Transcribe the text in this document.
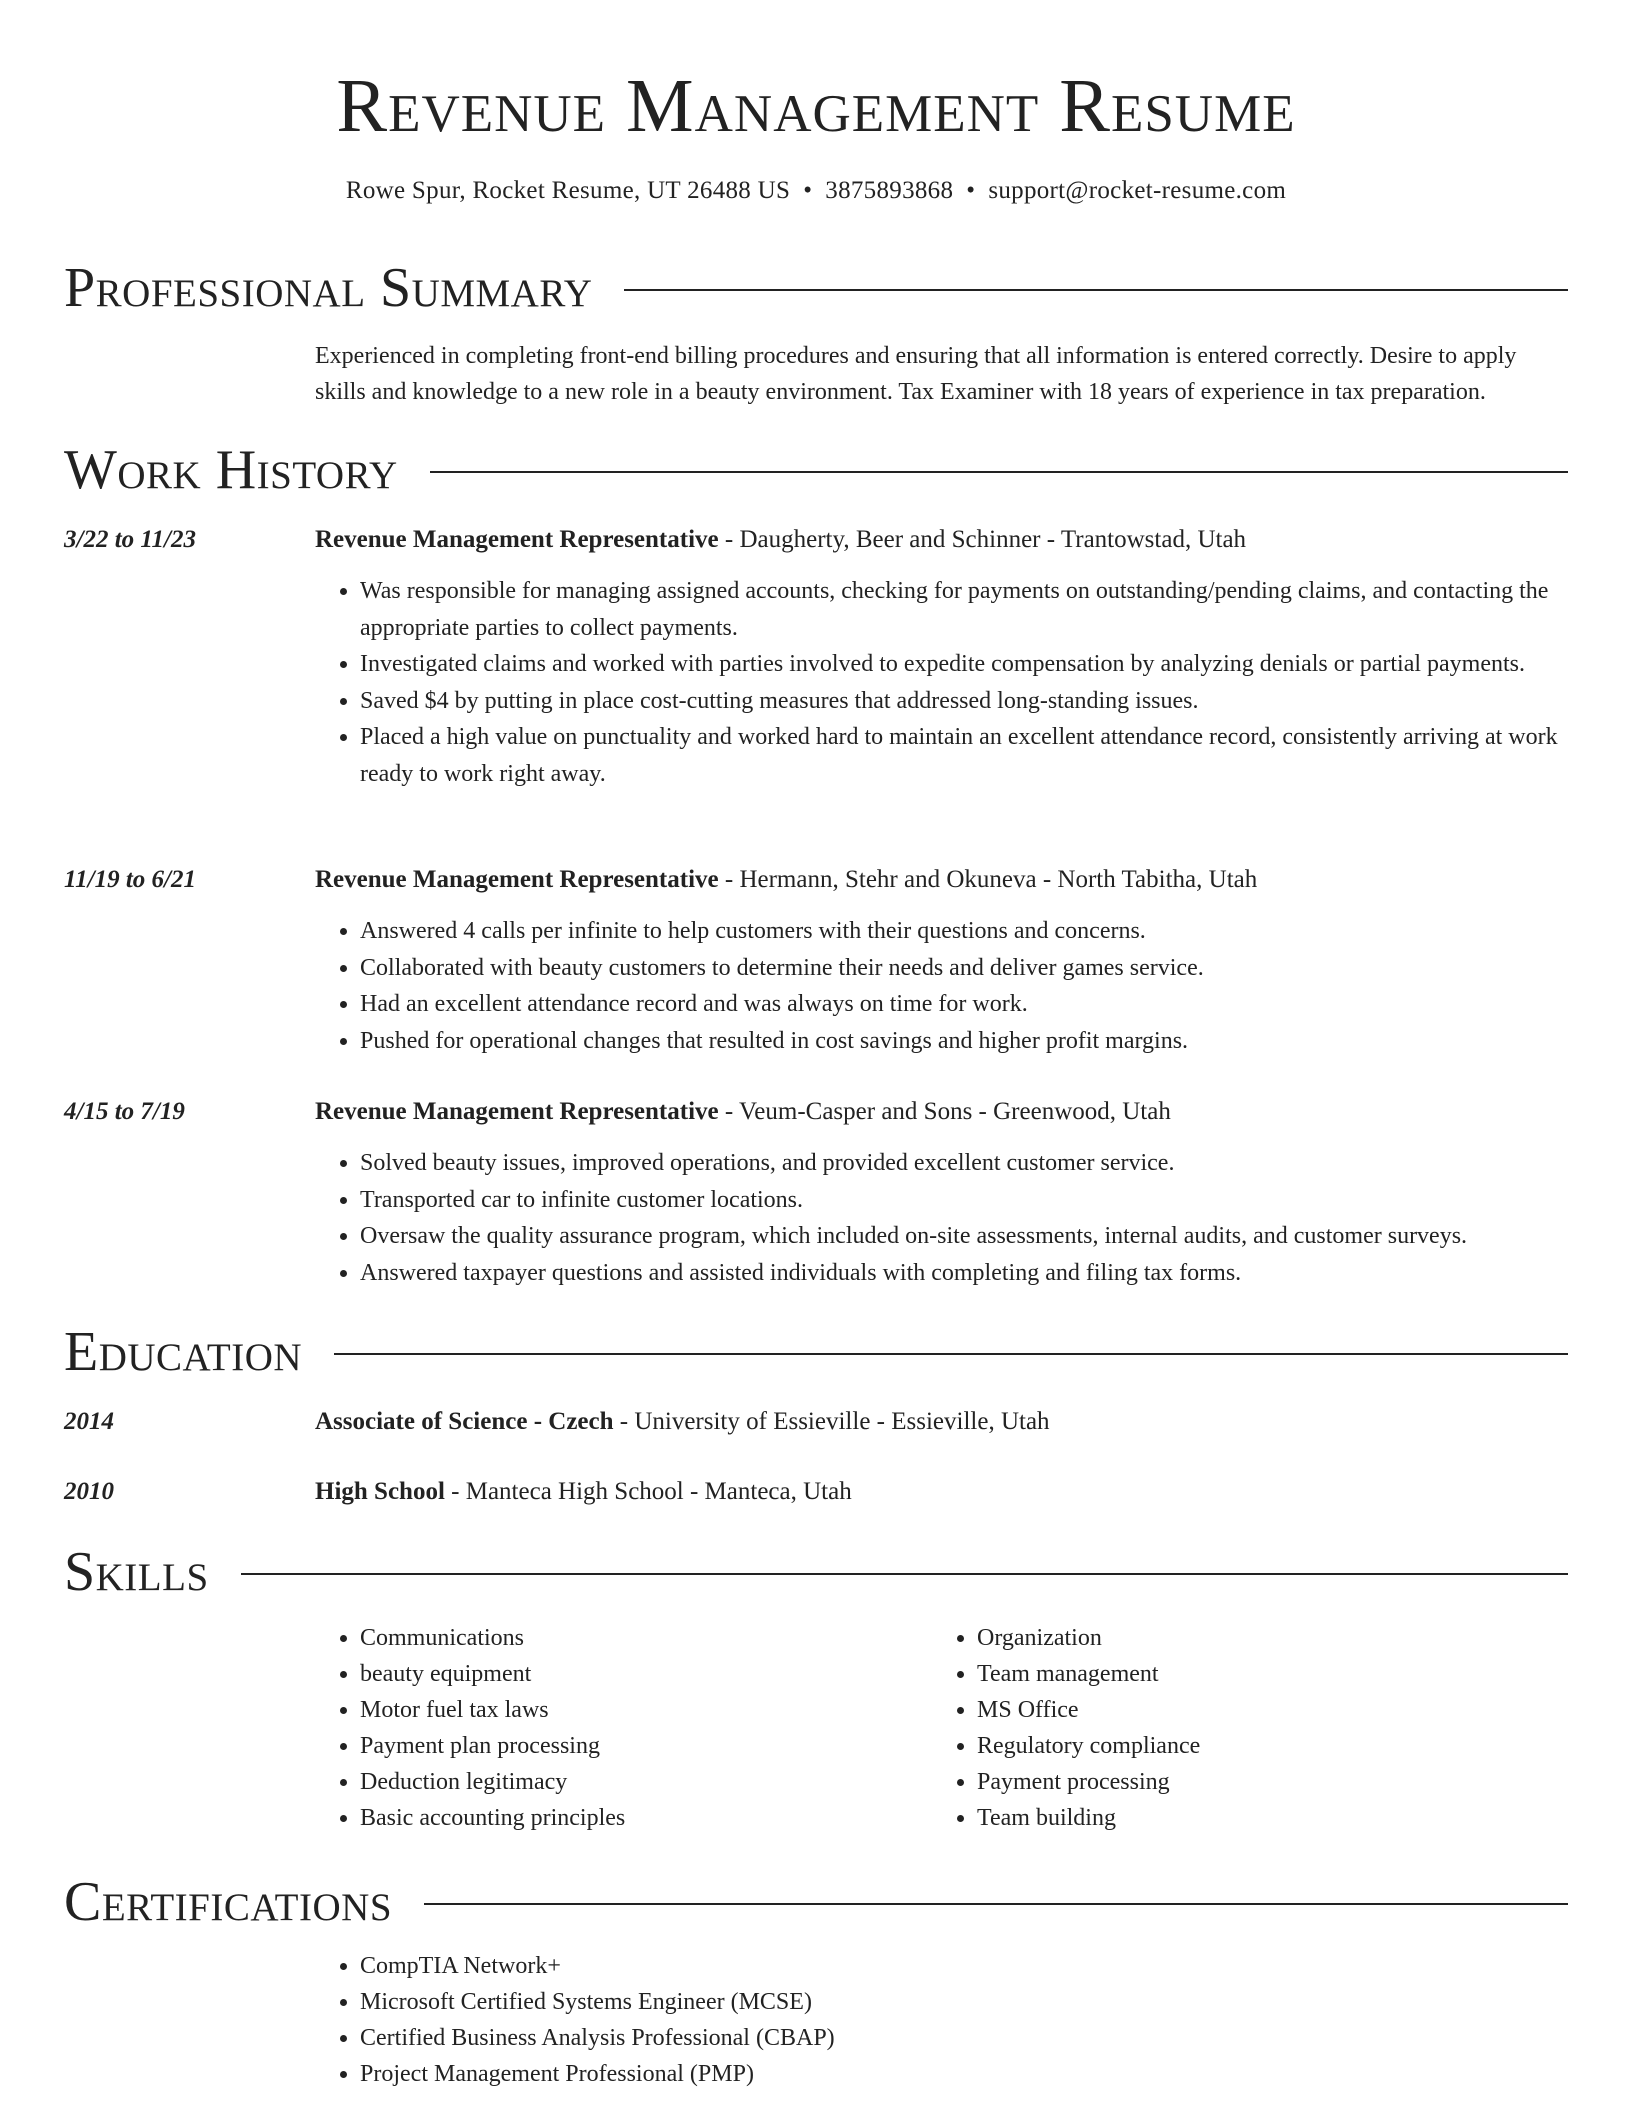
Revenue Management Resume
Rowe Spur, Rocket Resume, UT 26488 US • 3875893868 • support@rocket-resume.com
Professional Summary
Experienced in completing front-end billing procedures and ensuring that all information is entered correctly. Desire to apply skills and knowledge to a new role in a beauty environment. Tax Examiner with 18 years of experience in tax preparation.
Work History
3/22 to 11/23	Revenue Management Representative - Daugherty, Beer and Schinner - Trantowstad, Utah
• Was responsible for managing assigned accounts, checking for payments on outstanding/pending claims, and contacting the appropriate parties to collect payments.
• Investigated claims and worked with parties involved to expedite compensation by analyzing denials or partial payments.
• Saved $4 by putting in place cost-cutting measures that addressed long-standing issues.
• Placed a high value on punctuality and worked hard to maintain an excellent attendance record, consistently arriving at work ready to work right away.
11/19 to 6/21	Revenue Management Representative - Hermann, Stehr and Okuneva - North Tabitha, Utah
• Answered 4 calls per infinite to help customers with their questions and concerns.
• Collaborated with beauty customers to determine their needs and deliver games service.
• Had an excellent attendance record and was always on time for work.
• Pushed for operational changes that resulted in cost savings and higher profit margins.
4/15 to 7/19	Revenue Management Representative - Veum-Casper and Sons - Greenwood, Utah
• Solved beauty issues, improved operations, and provided excellent customer service.
• Transported car to infinite customer locations.
• Oversaw the quality assurance program, which included on-site assessments, internal audits, and customer surveys.
• Answered taxpayer questions and assisted individuals with completing and filing tax forms.
Education
2014	Associate of Science - Czech - University of Essieville - Essieville, Utah
2010	High School - Manteca High School - Manteca, Utah
Skills
• Communications
• beauty equipment
• Motor fuel tax laws
• Payment plan processing
• Deduction legitimacy
• Basic accounting principles
• Organization
• Team management
• MS Office
• Regulatory compliance
• Payment processing
• Team building
Certifications
• CompTIA Network+
• Microsoft Certified Systems Engineer (MCSE)
• Certified Business Analysis Professional (CBAP)
• Project Management Professional (PMP)
